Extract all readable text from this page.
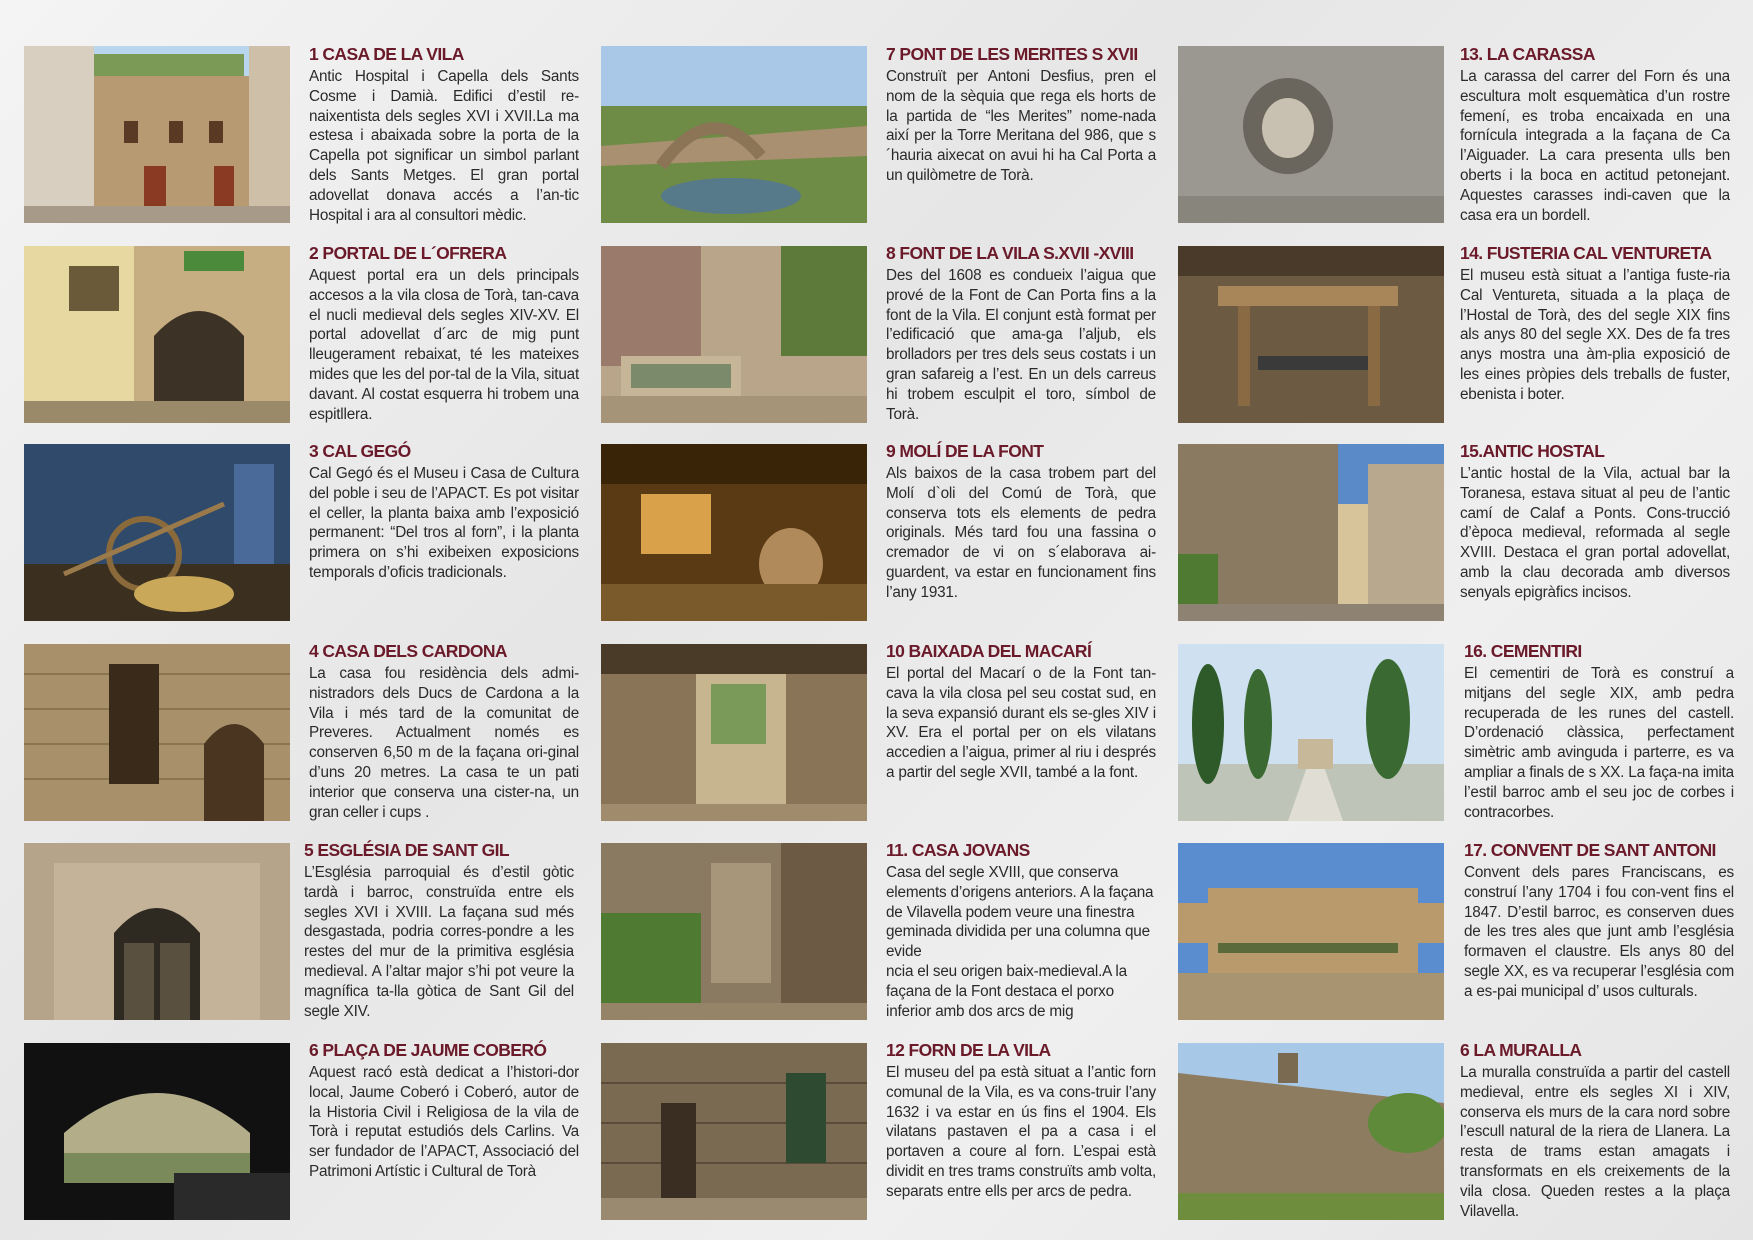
1 CASA DE LA VILA

Antic Hospital i Capella dels Sants Cosme i Damià. Edifici d’estil re-naixentista dels segles XVI i XVII.La ma estesa i abaixada sobre la porta de la Capella pot significar un simbol parlant dels Sants Metges. El gran portal adovellat donava accés a l’an-tic Hospital i ara al consultori mèdic.

2 PORTAL DE L´OFRERA

Aquest portal era un dels principals accesos a la vila closa de Torà, tan-cava el nucli medieval dels segles XIV-XV. El portal adovellat d´arc de mig punt lleugerament rebaixat, té les mateixes mides que les del por-tal de la Vila, situat davant. Al costat esquerra hi trobem una espitllera.

3 CAL GEGÓ

Cal Gegó és el Museu i Casa de Cultura del poble i seu de l’APACT. Es pot visitar el celler, la planta baixa amb l’exposició permanent: “Del tros al forn”, i la planta primera on s’hi exibeixen exposicions temporals d’oficis tradicionals.

4 CASA DELS CARDONA

La casa fou residència dels admi-nistradors dels Ducs de Cardona a la Vila i més tard de la comunitat de Preveres. Actualment només es conserven 6,50 m de la façana ori-ginal d’uns 20 metres. La casa te un pati interior que conserva una cister-na, un gran celler i cups .

5 ESGLÉSIA DE SANT GIL

L’Església parroquial és d’estil gòtic tardà i barroc, construïda entre els segles XVI i XVIII. La façana sud més desgastada, podria corres-pondre a les restes del mur de la primitiva església medieval. A l’altar major s’hi pot veure la magnífica ta-lla gòtica de Sant Gil del segle XIV.

6 PLAÇA DE JAUME COBERÓ

Aquest racó està dedicat a l’histori-dor local, Jaume Coberó i Coberó, autor de la Historia Civil i Religiosa de la vila de Torà i reputat estudiós dels Carlins. Va ser fundador de l’APACT, Associació del Patrimoni Artístic i Cultural de Torà

7 PONT DE LES MERITES S XVII

Construït per Antoni Desfius, pren el nom de la sèquia que rega els horts de la partida de “les Merites” nome-nada així per la Torre Meritana del 986, que s´hauria aixecat on avui hi ha Cal Porta a un quilòmetre de Torà.

8 FONT DE LA VILA S.XVII -XVIII

Des del 1608 es condueix l’aigua que prové de la Font de Can Porta fins a la font de la Vila. El conjunt està format per l’edificació que ama-ga l’aljub, els brolladors per tres dels seus costats i un gran safareig a l’est. En un dels carreus hi trobem esculpit el toro, símbol de Torà.

9 MOLÍ DE LA FONT

Als baixos de la casa trobem part del Molí d`oli del Comú de Torà, que conserva tots els elements de pedra originals. Més tard fou una fassina o cremador de vi on s´elaborava ai-guardent, va estar en funcionament fins l’any 1931.

10 BAIXADA DEL MACARÍ

El portal del Macarí o de la Font tan-cava la vila closa pel seu costat sud, en la seva expansió durant els se-gles XIV i XV. Era el portal per on els vilatans accedien a l’aigua, primer al riu i després a partir del segle XVII, també a la font.

11. CASA JOVANS

Casa del segle XVIII, que conserva elements d’origens anteriors. A la façana de Vilavella podem veure una finestra geminada dividida per una columna que evide
ncia el seu origen baix-medieval.A la façana de la Font destaca el porxo inferior amb dos arcs de mig

12 FORN DE LA VILA

El museu del pa està situat a l’antic forn comunal de la Vila, es va cons-truir l’any 1632 i va estar en ús fins el 1904. Els vilatans pastaven el pa a casa i el portaven a coure al forn. L’espai està dividit en tres trams construïts amb volta, separats entre ells per arcs de pedra.

13. LA CARASSA

La carassa del carrer del Forn és una escultura molt esquemàtica d’un rostre femení, es troba encaixada en una fornícula integrada a la façana de Ca l’Aiguader. La cara presenta ulls ben oberts i la boca en actitud petonejant. Aquestes carasses indi-caven que la casa era un bordell.

14. FUSTERIA CAL VENTURETA

El museu està situat a l’antiga fuste-ria Cal Ventureta, situada a la plaça de l’Hostal de Torà, des del segle XIX fins als anys 80 del segle XX. Des de fa tres anys mostra una àm-plia exposició de les eines pròpies dels treballs de fuster, ebenista i boter.

15.ANTIC HOSTAL

L’antic hostal de la Vila, actual bar la Toranesa, estava situat al peu de l’antic camí de Calaf a Ponts. Cons-trucció d’època medieval, reformada al segle XVIII. Destaca el gran portal adovellat, amb la clau decorada amb diversos senyals epigràfics incisos.

16. CEMENTIRI

El cementiri de Torà es construí a mitjans del segle XIX, amb pedra recuperada de les runes del castell. D’ordenació clàssica, perfectament simètric amb avinguda i parterre, es va ampliar a finals de s XX. La faça-na imita l’estil barroc amb el seu joc de corbes i contracorbes.

17. CONVENT DE SANT ANTONI

Convent dels pares Franciscans, es construí l’any 1704 i fou con-vent fins el 1847. D’estil barroc, es conserven dues de les tres ales que junt amb l’església formaven el claustre. Els anys 80 del segle XX, es va recuperar l’església com a es-pai municipal d’ usos culturals.

6 LA MURALLA

La muralla construïda a partir del castell medieval, entre els segles XI i XIV, conserva els murs de la cara nord sobre l’escull natural de la riera de Llanera. La resta de trams estan amagats i transformats en els creixements de la vila closa. Queden restes a la plaça Vilavella.
